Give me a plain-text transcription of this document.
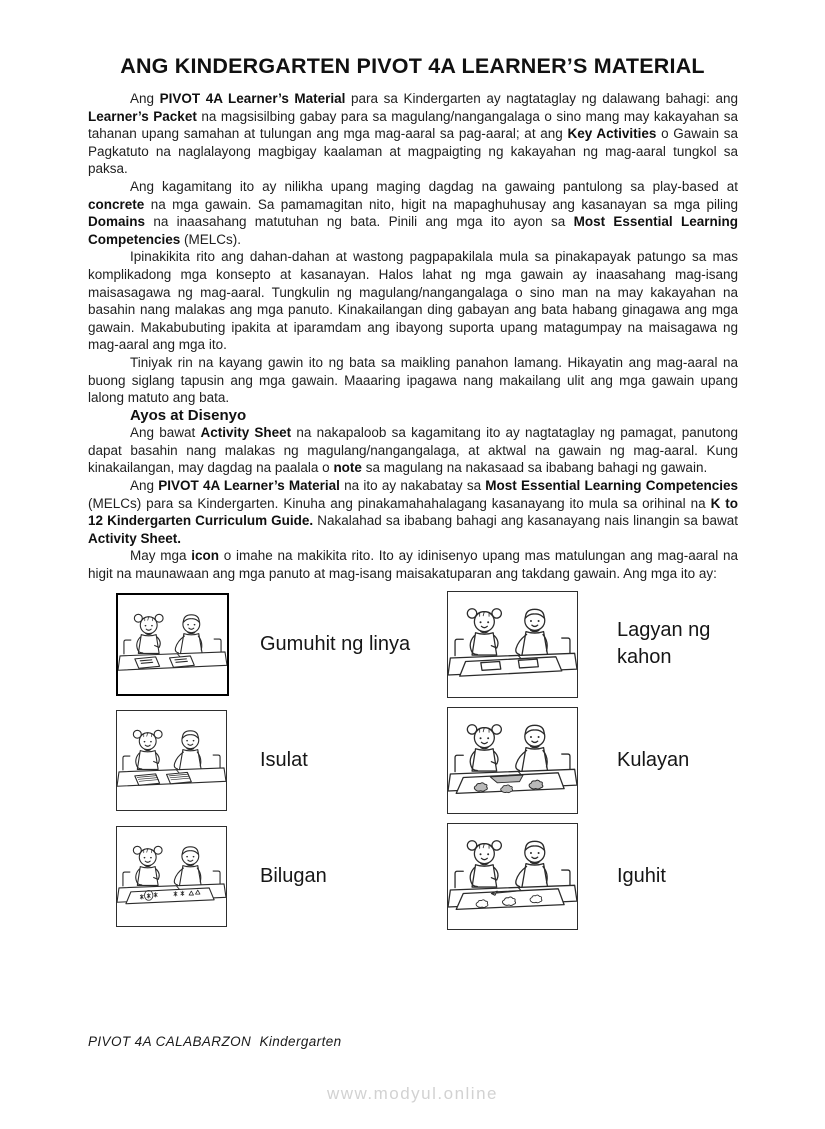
ANG KINDERGARTEN PIVOT 4A LEARNER’S MATERIAL

Ang PIVOT 4A Learner’s Material para sa Kindergarten ay nagtataglay ng dalawang bahagi: ang Learner’s Packet na magsisilbing gabay para sa magulang/nangangalaga o sino mang may kakayahan sa tahanan upang samahan at tulungan ang mga mag-aaral sa pag-aaral; at ang Key Activities o Gawain sa Pagkatuto na naglalayong magbigay kaalaman at magpaigting ng kakayahan ng mag-aaral tungkol sa paksa.

Ang kagamitang ito ay nilikha upang maging dagdag na gawaing pantulong sa play-based at concrete na mga gawain. Sa pamamagitan nito, higit na mapaghuhusay ang kasanayan sa mga piling Domains na inaasahang matutuhan ng bata. Pinili ang mga ito ayon sa Most Essential Learning Competencies (MELCs).

Ipinakikita rito ang dahan-dahan at wastong pagpapakilala mula sa pinakapayak patungo sa mas komplikadong mga konsepto at kasanayan. Halos lahat ng mga gawain ay inaasahang mag-isang maisasagawa ng mag-aaral. Tungkulin ng magulang/nangangalaga o sino man na may kakayahan na basahin nang malakas ang mga panuto. Kinakailangan ding gabayan ang bata habang ginagawa ang mga gawain. Makabubuting ipakita at iparamdam ang ibayong suporta upang matagumpay na maisagawa ng mag-aaral ang mga ito.

Tiniyak rin na kayang gawin ito ng bata sa maikling panahon lamang. Hikayatin ang mag-aaral na buong siglang tapusin ang mga gawain. Maaaring ipagawa nang makailang ulit ang mga gawain upang lalong matuto ang bata.

Ayos at Disenyo

Ang bawat Activity Sheet na nakapaloob sa kagamitang ito ay nagtataglay ng pamagat, panutong dapat basahin nang malakas ng magulang/nangangalaga, at aktwal na gawain ng mag-aaral. Kung kinakailangan, may dagdag na paalala o note sa magulang na nakasaad sa ibabang bahagi ng gawain.

Ang PIVOT 4A Learner’s Material na ito ay nakabatay sa Most Essential Learning Competencies (MELCs) para sa Kindergarten. Kinuha ang pinakamahahalagang kasanayang ito mula sa orihinal na K to 12 Kindergarten Curriculum Guide. Nakalahad sa ibabang bahagi ang kasanayang nais linangin sa bawat Activity Sheet.

May mga icon o imahe na makikita rito. Ito ay idinisenyo upang mas matulungan ang mag-aaral na higit na maunawaan ang mga panuto at mag-isang maisakatuparan ang takdang gawain. Ang mga ito ay:

Gumuhit ng linya
Lagyan ng kahon
Isulat	Kulayan
Bilugan	Iguhit
PIVOT 4A CALABARZON  Kindergarten
www.modyul.online
